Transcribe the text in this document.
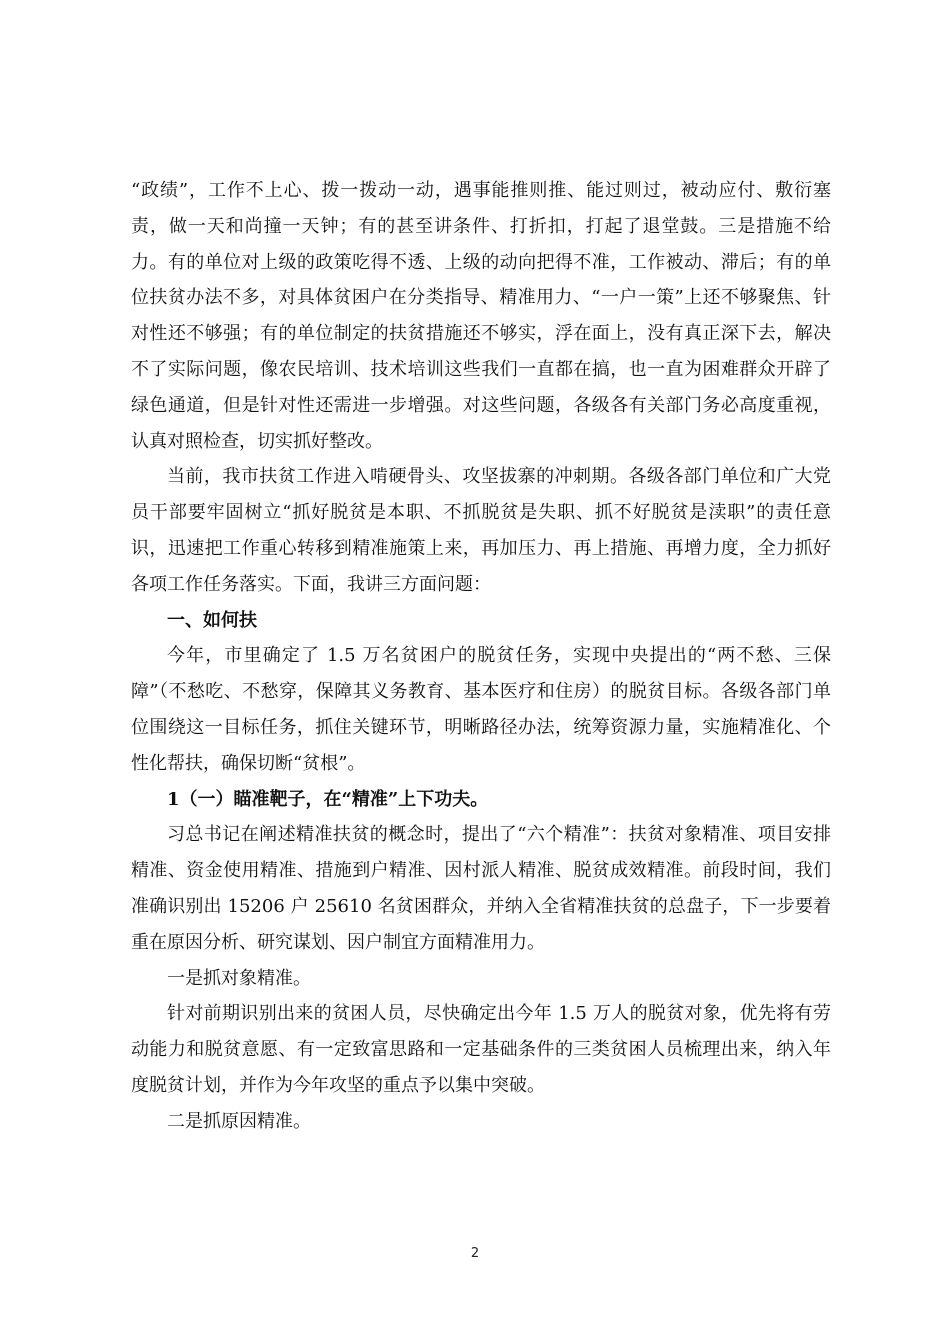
“政绩”，工作不上心、拨一拨动一动，遇事能推则推、能过则过，被动应付、敷衍塞责，做一天和尚撞一天钟；有的甚至讲条件、打折扣，打起了退堂鼓。三是措施不给力。有的单位对上级的政策吃得不透、上级的动向把得不准，工作被动、滞后；有的单位扶贫办法不多，对具体贫困户在分类指导、精准用力、“一户一策”上还不够聚焦、针对性还不够强；有的单位制定的扶贫措施还不够实，浮在面上，没有真正深下去，解决不了实际问题，像农民培训、技术培训这些我们一直都在搞，也一直为困难群众开辟了绿色通道，但是针对性还需进一步增强。对这些问题，各级各有关部门务必高度重视，认真对照检查，切实抓好整改。

当前，我市扶贫工作进入啃硬骨头、攻坚拔寨的冲刺期。各级各部门单位和广大党员干部要牢固树立“抓好脱贫是本职、不抓脱贫是失职、抓不好脱贫是渎职”的责任意识，迅速把工作重心转移到精准施策上来，再加压力、再上措施、再增力度，全力抓好各项工作任务落实。下面，我讲三方面问题：

一、如何扶

今年，市里确定了 1.5 万名贫困户的脱贫任务，实现中央提出的“两不愁、三保障”（不愁吃、不愁穿，保障其义务教育、基本医疗和住房）的脱贫目标。各级各部门单位围绕这一目标任务，抓住关键环节，明晰路径办法，统筹资源力量，实施精准化、个性化帮扶，确保切断“贫根”。

1（一）瞄准靶子，在“精准”上下功夫。

习总书记在阐述精准扶贫的概念时，提出了“六个精准”：扶贫对象精准、项目安排精准、资金使用精准、措施到户精准、因村派人精准、脱贫成效精准。前段时间，我们准确识别出 15206 户 25610 名贫困群众，并纳入全省精准扶贫的总盘子，下一步要着重在原因分析、研究谋划、因户制宜方面精准用力。

一是抓对象精准。

针对前期识别出来的贫困人员，尽快确定出今年 1.5 万人的脱贫对象，优先将有劳动能力和脱贫意愿、有一定致富思路和一定基础条件的三类贫困人员梳理出来，纳入年度脱贫计划，并作为今年攻坚的重点予以集中突破。

二是抓原因精准。

2
